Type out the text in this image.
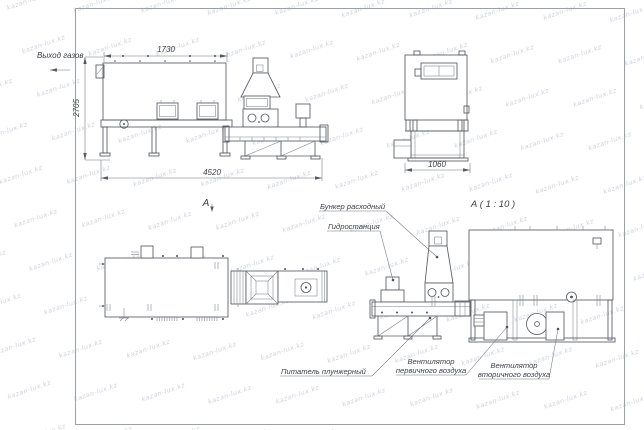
1730
2705
4520
Выход газов
1060
А	А ( 1 : 10 )
Бункер расходный
Гидростанция
Питатель плунжерный
Вентилятор
первичного воздуха
Вентилятор
вторичного воздуха
